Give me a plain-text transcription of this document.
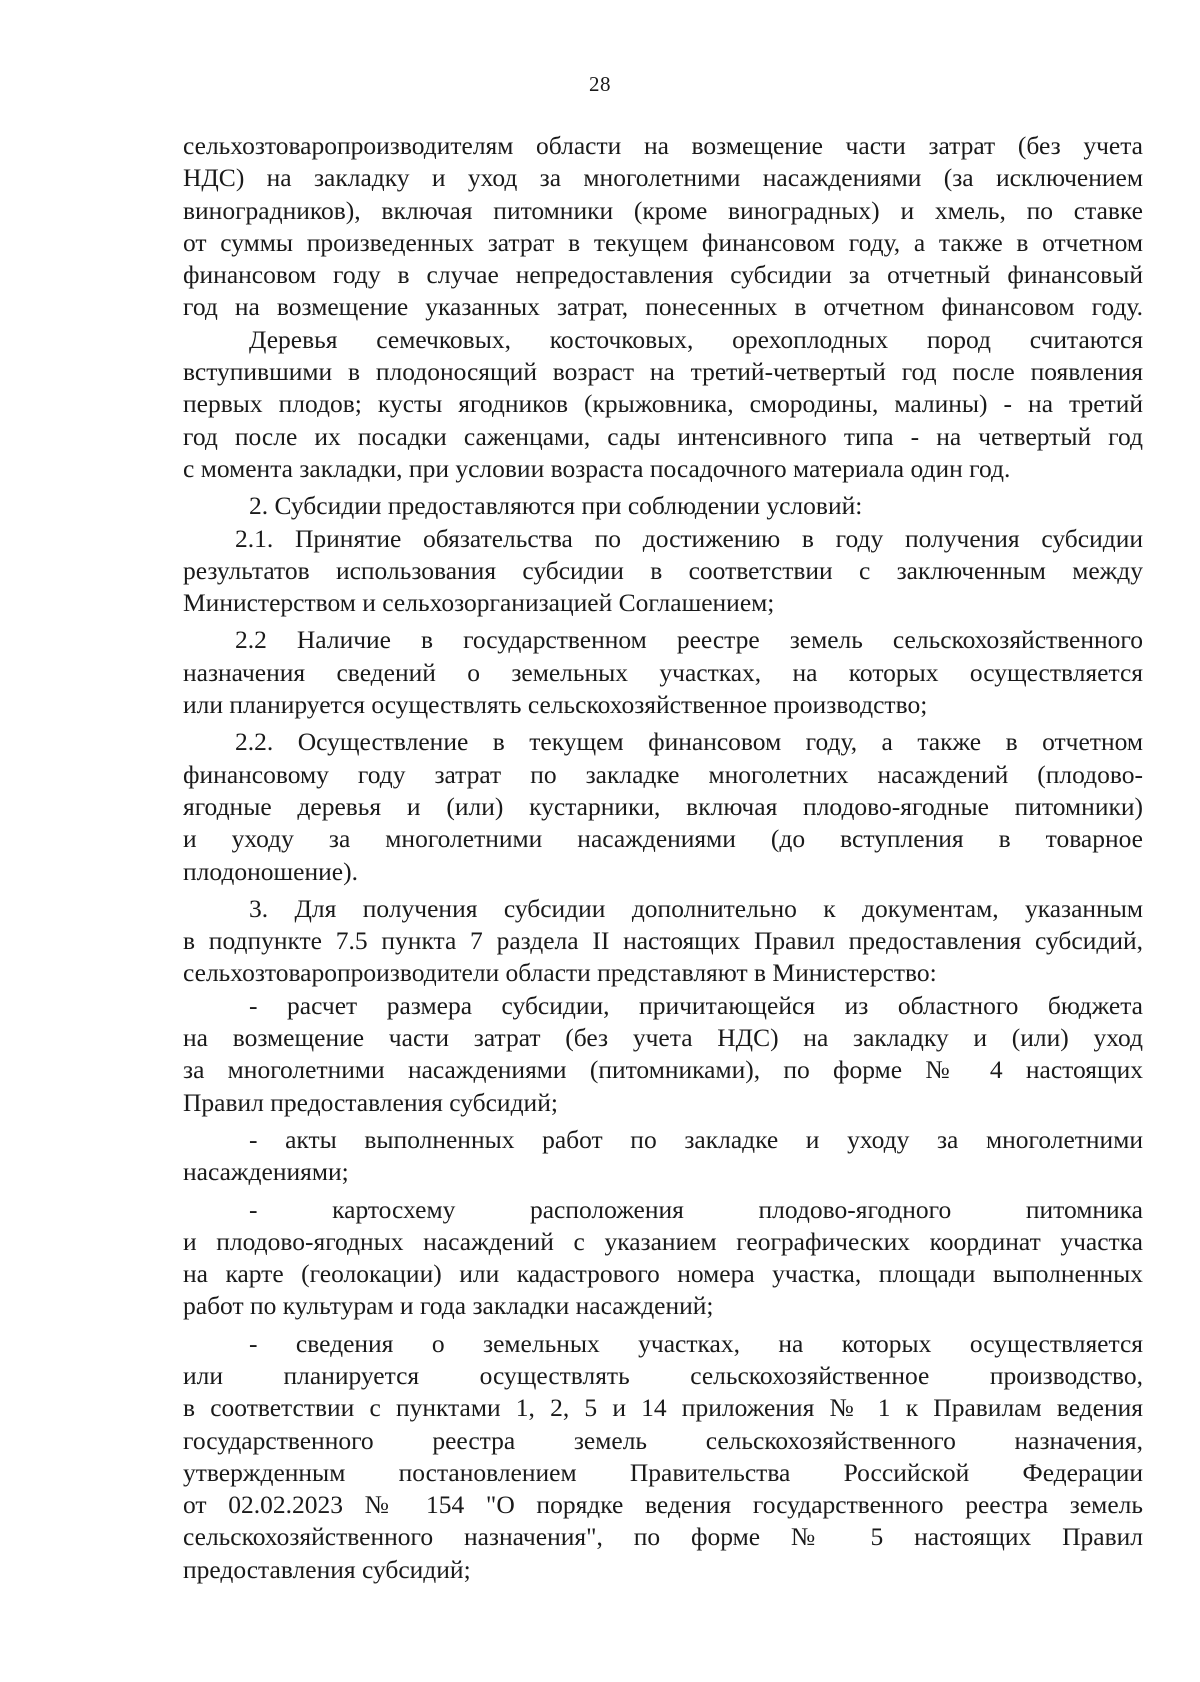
28

сельхозтоваропроизводителям области на возмещение части затрат (без учета

НДС) на закладку и уход за многолетними насаждениями (за исключением

виноградников), включая питомники (кроме виноградных) и хмель, по ставке

от суммы произведенных затрат в текущем финансовом году, а также в отчетном

финансовом году в случае непредоставления субсидии за отчетный финансовый

год на возмещение указанных затрат, понесенных в отчетном финансовом году.

Деревья семечковых, косточковых, орехоплодных пород считаются

вступившими в плодоносящий возраст на третий-четвертый год после появления

первых плодов; кусты ягодников (крыжовника, смородины, малины) - на третий

год после их посадки саженцами, сады интенсивного типа - на четвертый год

с момента закладки, при условии возраста посадочного материала один год.

2. Субсидии предоставляются при соблюдении условий:

2.1. Принятие обязательства по достижению в году получения субсидии

результатов использования субсидии в соответствии с заключенным между

Министерством и сельхозорганизацией Соглашением;

2.2 Наличие в государственном реестре земель сельскохозяйственного

назначения сведений о земельных участках, на которых осуществляется

или планируется осуществлять сельскохозяйственное производство;

2.2. Осуществление в текущем финансовом году, а также в отчетном

финансовому году затрат по закладке многолетних насаждений (плодово-

ягодные деревья и (или) кустарники, включая плодово-ягодные питомники)

и уходу за многолетними насаждениями (до вступления в товарное

плодоношение).

3. Для получения субсидии дополнительно к документам, указанным

в подпункте 7.5 пункта 7 раздела II настоящих Правил предоставления субсидий,

сельхозтоваропроизводители области представляют в Министерство:

- расчет размера субсидии, причитающейся из областного бюджета

на возмещение части затрат (без учета НДС) на закладку и (или) уход

за многолетними насаждениями (питомниками), по форме № 4 настоящих

Правил предоставления субсидий;

- акты выполненных работ по закладке и уходу за многолетними

насаждениями;

- картосхему расположения плодово-ягодного питомника

и плодово-ягодных насаждений с указанием географических координат участка

на карте (геолокации) или кадастрового номера участка, площади выполненных

работ по культурам и года закладки насаждений;

- сведения о земельных участках, на которых осуществляется

или планируется осуществлять сельскохозяйственное производство,

в соответствии с пунктами 1, 2, 5 и 14 приложения № 1 к Правилам ведения

государственного реестра земель сельскохозяйственного назначения,

утвержденным постановлением Правительства Российской Федерации

от 02.02.2023 № 154 "О порядке ведения государственного реестра земель

сельскохозяйственного назначения", по форме № 5 настоящих Правил

предоставления субсидий;
